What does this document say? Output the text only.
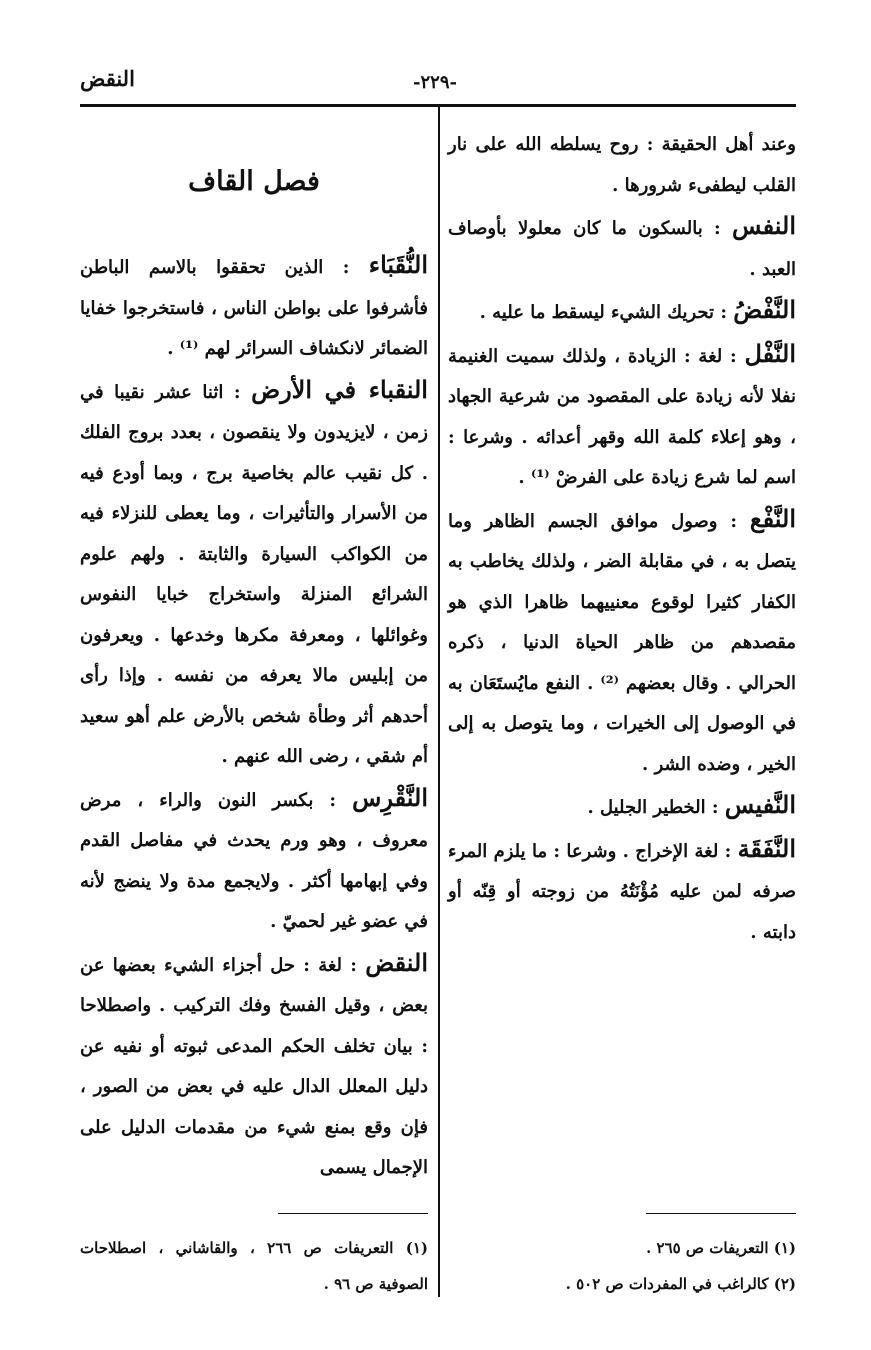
النقض	-٢٢٩-

وعند أهل الحقيقة : روح يسلطه الله على نار القلب ليطفىء شرورها .

النفس : بالسكون ما كان معلولا بأوصاف العبد .

النَّفْضُ : تحريك الشيء ليسقط ما عليه .

النَّفْل : لغة : الزيادة ، ولذلك سميت الغنيمة نفلا لأنه زيادة على المقصود من شرعية الجهاد ، وهو إعلاء كلمة الله وقهر أعدائه . وشرعا : اسم لما شرع زيادة على الفرضْ ⁽¹⁾ .

النَّفْع : وصول موافق الجسم الظاهر وما يتصل به ، في مقابلة الضر ، ولذلك يخاطب به الكفار كثيرا لوقوع معنييهما ظاهرا الذي هو مقصدهم من ظاهر الحياة الدنيا ، ذكره الحرالي . وقال بعضهم ⁽²⁾ . النفع مايُستَعَان به في الوصول إلى الخيرات ، وما يتوصل به إلى الخير ، وضده الشر .

النَّفيس : الخطير الجليل .

النَّفَقَة : لغة الإخراج . وشرعا : ما يلزم المرء صرفه لمن عليه مُؤْنَتُهُ من زوجته أو قِنّه أو دابته .

فصل القاف

النُّقَبَاء : الذين تحققوا بالاسم الباطن فأشرفوا على بواطن الناس ، فاستخرجوا خفايا الضمائر لانكشاف السرائر لهم ⁽¹⁾ .

النقباء في الأرض : اثنا عشر نقيبا في زمن ، لايزيدون ولا ينقصون ، بعدد بروج الفلك . كل نقيب عالم بخاصية برج ، وبما أودع فيه من الأسرار والتأثيرات ، وما يعطى للنزلاء فيه من الكواكب السيارة والثابتة . ولهم علوم الشرائع المنزلة واستخراج خبايا النفوس وغوائلها ، ومعرفة مكرها وخدعها . ويعرفون من إبليس مالا يعرفه من نفسه . وإذا رأى أحدهم أثر وطأة شخص بالأرض علم أهو سعيد أم شقي ، رضى الله عنهم .

النَّقْرِس : بكسر النون والراء ، مرض معروف ، وهو ورم يحدث في مفاصل القدم وفي إبهامها أكثر . ولايجمع مدة ولا ينضج لأنه في عضو غير لحميّ .

النقض : لغة : حل أجزاء الشيء بعضها عن بعض ، وقيل الفسخ وفك التركيب . واصطلاحا : بيان تخلف الحكم المدعى ثبوته أو نفيه عن دليل المعلل الدال عليه في بعض من الصور ، فإن وقع بمنع شيء من مقدمات الدليل على الإجمال يسمى

(١) التعريفات ص ٢٦٦ ، والقاشاني ، اصطلاحات الصوفية ص ٩٦ .

(١) التعريفات ص ٢٦٥ .

(٢) كالراغب في المفردات ص ٥٠٢ .
